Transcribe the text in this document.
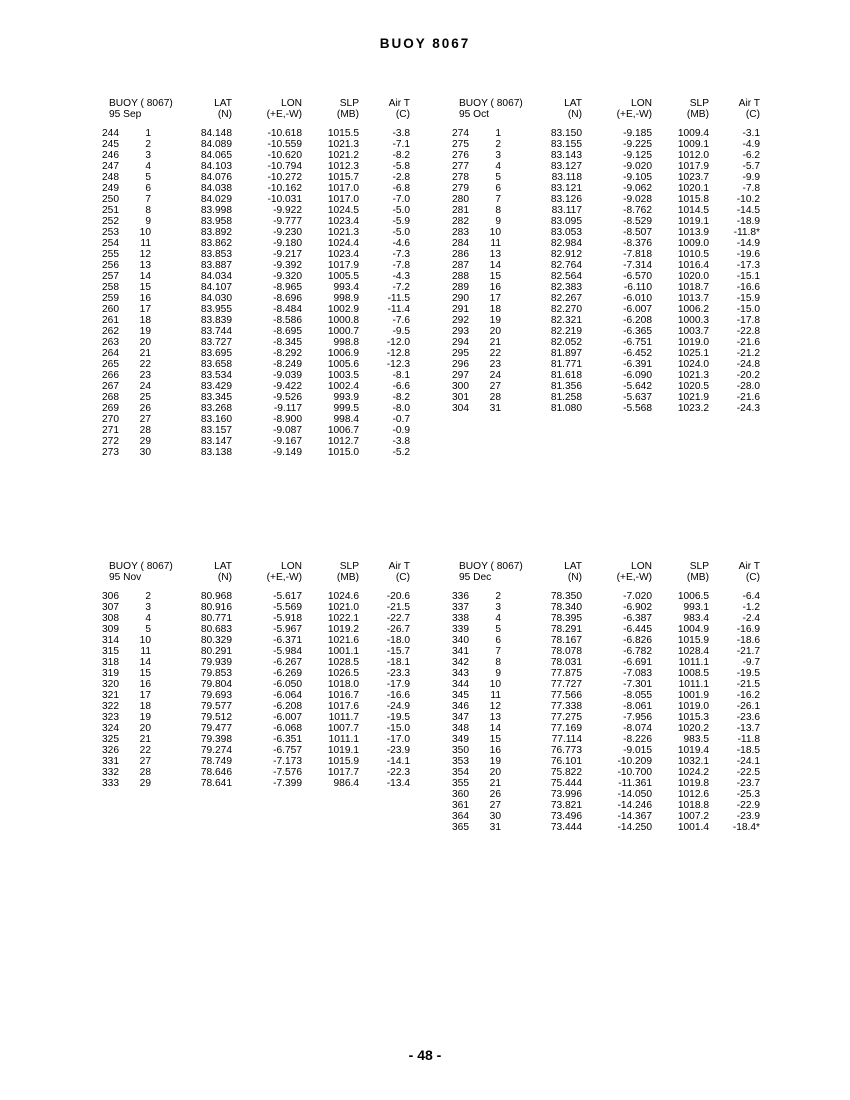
BUOY 8067
BUOY ( 8067)
95 Sep
LAT
(N)
LON
(+E,-W)
SLP
(MB)
Air T
(C)
244	1	84.148	-10.618	1015.5	-3.8
245	2	84.089	-10.559	1021.3	-7.1
246	3	84.065	-10.620	1021.2	-8.2
247	4	84.103	-10.794	1012.3	-5.8
248	5	84.076	-10.272	1015.7	-2.8
249	6	84.038	-10.162	1017.0	-6.8
250	7	84.029	-10.031	1017.0	-7.0
251	8	83.998	-9.922	1024.5	-5.0
252	9	83.958	-9.777	1023.4	-5.9
253	10	83.892	-9.230	1021.3	-5.0
254	11	83.862	-9.180	1024.4	-4.6
255	12	83.853	-9.217	1023.4	-7.3
256	13	83.887	-9.392	1017.9	-7.8
257	14	84.034	-9.320	1005.5	-4.3
258	15	84.107	-8.965	993.4	-7.2
259	16	84.030	-8.696	998.9	-11.5
260	17	83.955	-8.484	1002.9	-11.4
261	18	83.839	-8.586	1000.8	-7.6
262	19	83.744	-8.695	1000.7	-9.5
263	20	83.727	-8.345	998.8	-12.0
264	21	83.695	-8.292	1006.9	-12.8
265	22	83.658	-8.249	1005.6	-12.3
266	23	83.534	-9.039	1003.5	-8.1
267	24	83.429	-9.422	1002.4	-6.6
268	25	83.345	-9.526	993.9	-8.2
269	26	83.268	-9.117	999.5	-8.0
270	27	83.160	-8.900	998.4	-0.7
271	28	83.157	-9.087	1006.7	-0.9
272	29	83.147	-9.167	1012.7	-3.8
273	30	83.138	-9.149	1015.0	-5.2
BUOY ( 8067)
95 Oct
LAT
(N)
LON
(+E,-W)
SLP
(MB)
Air T
(C)
274	1	83.150	-9.185	1009.4	-3.1
275	2	83.155	-9.225	1009.1	-4.9
276	3	83.143	-9.125	1012.0	-6.2
277	4	83.127	-9.020	1017.9	-5.7
278	5	83.118	-9.105	1023.7	-9.9
279	6	83.121	-9.062	1020.1	-7.8
280	7	83.126	-9.028	1015.8	-10.2
281	8	83.117	-8.762	1014.5	-14.5
282	9	83.095	-8.529	1019.1	-18.9
283	10	83.053	-8.507	1013.9	-11.8*
284	11	82.984	-8.376	1009.0	-14.9
286	13	82.912	-7.818	1010.5	-19.6
287	14	82.764	-7.314	1016.4	-17.3
288	15	82.564	-6.570	1020.0	-15.1
289	16	82.383	-6.110	1018.7	-16.6
290	17	82.267	-6.010	1013.7	-15.9
291	18	82.270	-6.007	1006.2	-15.0
292	19	82.321	-6.208	1000.3	-17.8
293	20	82.219	-6.365	1003.7	-22.8
294	21	82.052	-6.751	1019.0	-21.6
295	22	81.897	-6.452	1025.1	-21.2
296	23	81.771	-6.391	1024.0	-24.8
297	24	81.618	-6.090	1021.3	-20.2
300	27	81.356	-5.642	1020.5	-28.0
301	28	81.258	-5.637	1021.9	-21.6
304	31	81.080	-5.568	1023.2	-24.3
BUOY ( 8067)
95 Nov
LAT
(N)
LON
(+E,-W)
SLP
(MB)
Air T
(C)
306	2	80.968	-5.617	1024.6	-20.6
307	3	80.916	-5.569	1021.0	-21.5
308	4	80.771	-5.918	1022.1	-22.7
309	5	80.683	-5.967	1019.2	-26.7
314	10	80.329	-6.371	1021.6	-18.0
315	11	80.291	-5.984	1001.1	-15.7
318	14	79.939	-6.267	1028.5	-18.1
319	15	79.853	-6.269	1026.5	-23.3
320	16	79.804	-6.050	1018.0	-17.9
321	17	79.693	-6.064	1016.7	-16.6
322	18	79.577	-6.208	1017.6	-24.9
323	19	79.512	-6.007	1011.7	-19.5
324	20	79.477	-6.068	1007.7	-15.0
325	21	79.398	-6.351	1011.1	-17.0
326	22	79.274	-6.757	1019.1	-23.9
331	27	78.749	-7.173	1015.9	-14.1
332	28	78.646	-7.576	1017.7	-22.3
333	29	78.641	-7.399	986.4	-13.4
BUOY ( 8067)
95 Dec
LAT
(N)
LON
(+E,-W)
SLP
(MB)
Air T
(C)
336	2	78.350	-7.020	1006.5	-6.4
337	3	78.340	-6.902	993.1	-1.2
338	4	78.395	-6.387	983.4	-2.4
339	5	78.291	-6.445	1004.9	-16.9
340	6	78.167	-6.826	1015.9	-18.6
341	7	78.078	-6.782	1028.4	-21.7
342	8	78.031	-6.691	1011.1	-9.7
343	9	77.875	-7.083	1008.5	-19.5
344	10	77.727	-7.301	1011.1	-21.5
345	11	77.566	-8.055	1001.9	-16.2
346	12	77.338	-8.061	1019.0	-26.1
347	13	77.275	-7.956	1015.3	-23.6
348	14	77.169	-8.074	1020.2	-13.7
349	15	77.114	-8.226	983.5	-11.8
350	16	76.773	-9.015	1019.4	-18.5
353	19	76.101	-10.209	1032.1	-24.1
354	20	75.822	-10.700	1024.2	-22.5
355	21	75.444	-11.361	1019.8	-23.7
360	26	73.996	-14.050	1012.6	-25.3
361	27	73.821	-14.246	1018.8	-22.9
364	30	73.496	-14.367	1007.2	-23.9
365	31	73.444	-14.250	1001.4	-18.4*
- 48 -
